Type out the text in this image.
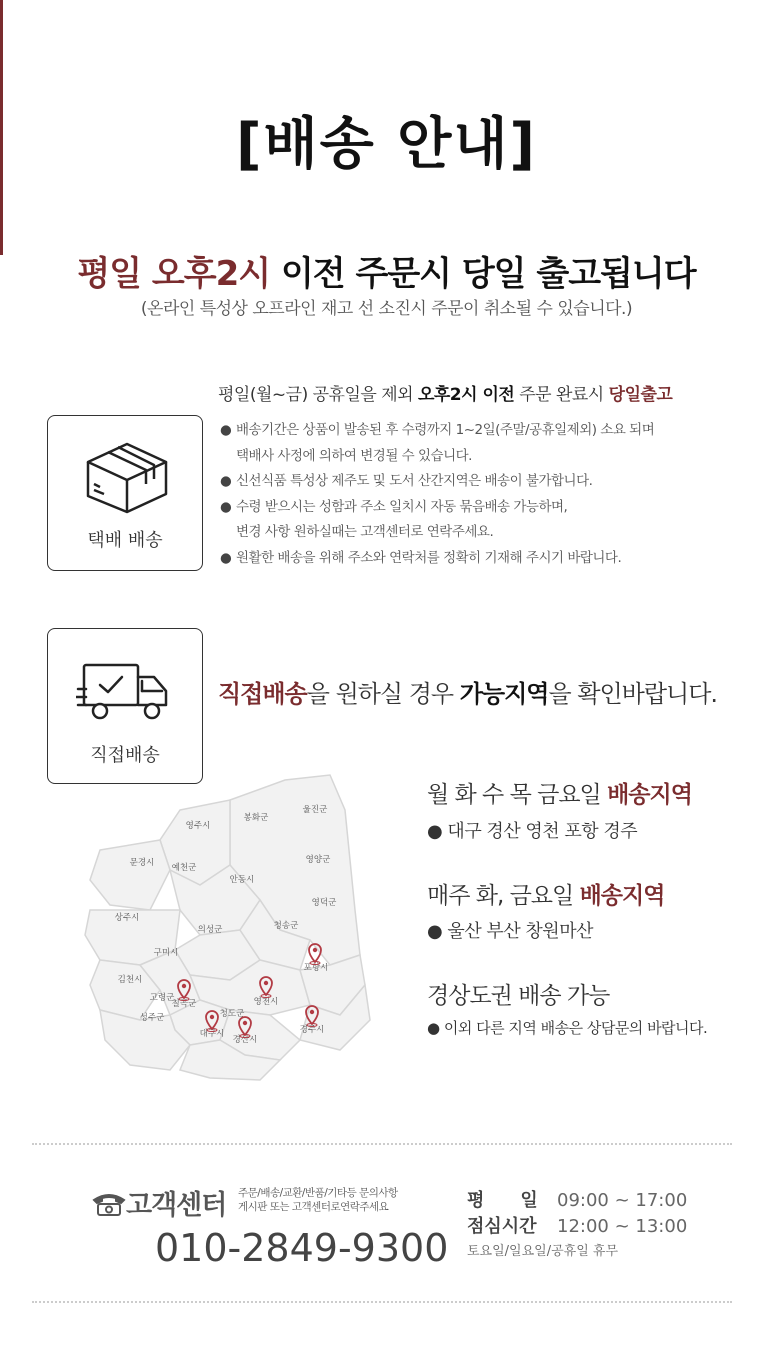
[배송 안내]
평일 오후2시 이전 주문시 당일 출고됩니다
(온라인 특성상 오프라인 재고 선 소진시 주문이 취소될 수 있습니다.)
택배 배송
평일(월~금) 공휴일을 제외 오후2시 이전 주문 완료시 당일출고
● 배송기간은 상품이 발송된 후 수령까지 1~2일(주말/공휴일제외) 소요 되며
택배사 사정에 의하여 변경될 수 있습니다.
● 신선식품 특성상 제주도 및 도서 산간지역은 배송이 불가합니다.
● 수령 받으시는 성함과 주소 일치시 자동 묶음배송 가능하며,
변경 사항 원하실때는 고객센터로 연락주세요.
● 원활한 배송을 위해 주소와 연락처를 정확히 기재해 주시기 바랍니다.
직접배송
직접배송을 원하실 경우 가능지역을 확인바랍니다.
영주시
봉화군
울진군
문경시 예천군
영양군
안동시
영덕군
상주시
의성군	청송군
구미시
포항시
김천시
고령군
칠곡군	영천시
성주군	청도군
대구시
경산시
경주시
월 화 수 목 금요일 배송지역
● 대구 경산 영천 포항 경주
매주 화, 금요일 배송지역
● 울산 부산 창원마산
경상도권 배송 가능
● 이외 다른 지역 배송은 상담문의 바랍니다.
고객센터 주문/배송/교환/반품/기타등 문의사항
게시판 또는 고객센터로연락주세요
010-2849-9300
평　　일 09:00 ~ 17:00
점심시간 12:00 ~ 13:00
토요일/일요일/공휴일 휴무
